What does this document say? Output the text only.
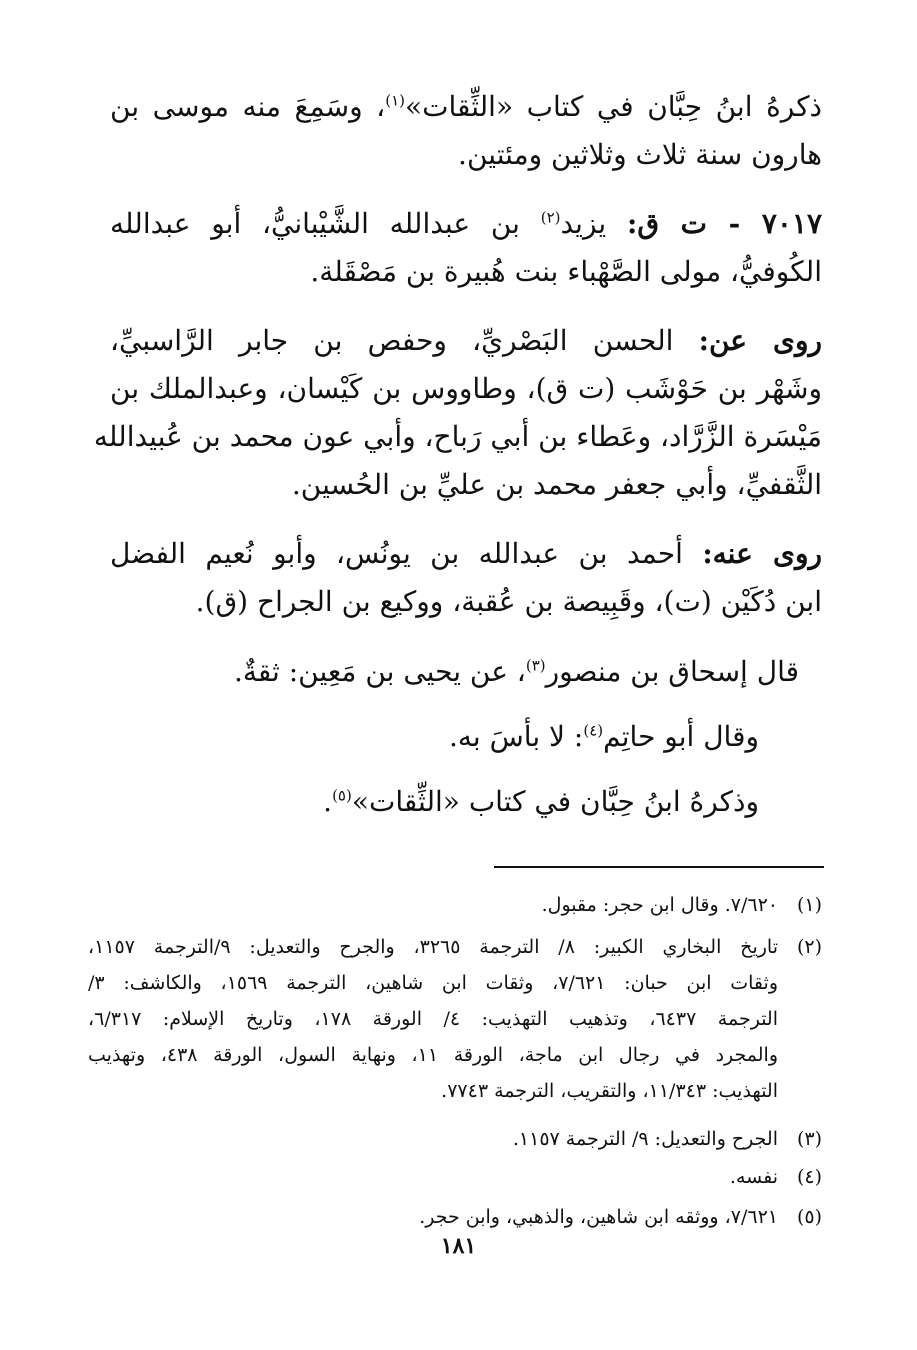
ذكرهُ ابنُ حِبَّان في كتاب «الثِّقات»$^{(١)}$، وسَمِعَ منه موسى بن
هارون سنة ثلاث وثلاثين ومئتين.
٧٠١٧ - ت ق: يزيد$^{(٢)}$ بن عبدالله الشَّيْبانيُّ، أبو عبدالله
الكُوفيُّ، مولى الصَّهْباء بنت هُبيرة بن مَصْقَلة.
روى عن: الحسن البَصْريِّ، وحفص بن جابر الرَّاسبيِّ،
وشَهْر بن حَوْشَب (ت ق)، وطاووس بن كَيْسان، وعبدالملك بن
مَيْسَرة الزَّرَّاد، وعَطاء بن أبي رَباح، وأبي عون محمد بن عُبيدالله
الثَّقفيِّ، وأبي جعفر محمد بن عليِّ بن الحُسين.
روى عنه: أحمد بن عبدالله بن يونُس، وأبو نُعيم الفضل
ابن دُكَيْن (ت)، وقَبِيصة بن عُقبة، ووكيع بن الجراح (ق).
قال إسحاق بن منصور$^{(٣)}$، عن يحيى بن مَعِين: ثقةٌ.
وقال أبو حاتِم$^{(٤)}$: لا بأسَ به.
وذكرهُ ابنُ حِبَّان في كتاب «الثِّقات»$^{(٥)}$.
(١)
٧/٦٢٠. وقال ابن حجر: مقبول.
(٢)
تاريخ البخاري الكبير: ٨/ الترجمة ٣٢٦٥، والجرح والتعديل: ٩/الترجمة ١١٥٧،
وثقات ابن حبان: ٧/٦٢١، وثقات ابن شاهين، الترجمة ١٥٦٩، والكاشف: ٣/
الترجمة ٦٤٣٧، وتذهيب التهذيب: ٤/ الورقة ١٧٨، وتاريخ الإسلام: ٦/٣١٧،
والمجرد في رجال ابن ماجة، الورقة ١١، ونهاية السول، الورقة ٤٣٨، وتهذيب
التهذيب: ١١/٣٤٣، والتقريب، الترجمة ٧٧٤٣.
(٣)
الجرح والتعديل: ٩/ الترجمة ١١٥٧.
(٤)
نفسه.
(٥)
٧/٦٢١، ووثقه ابن شاهين، والذهبي، وابن حجر.
١٨١
